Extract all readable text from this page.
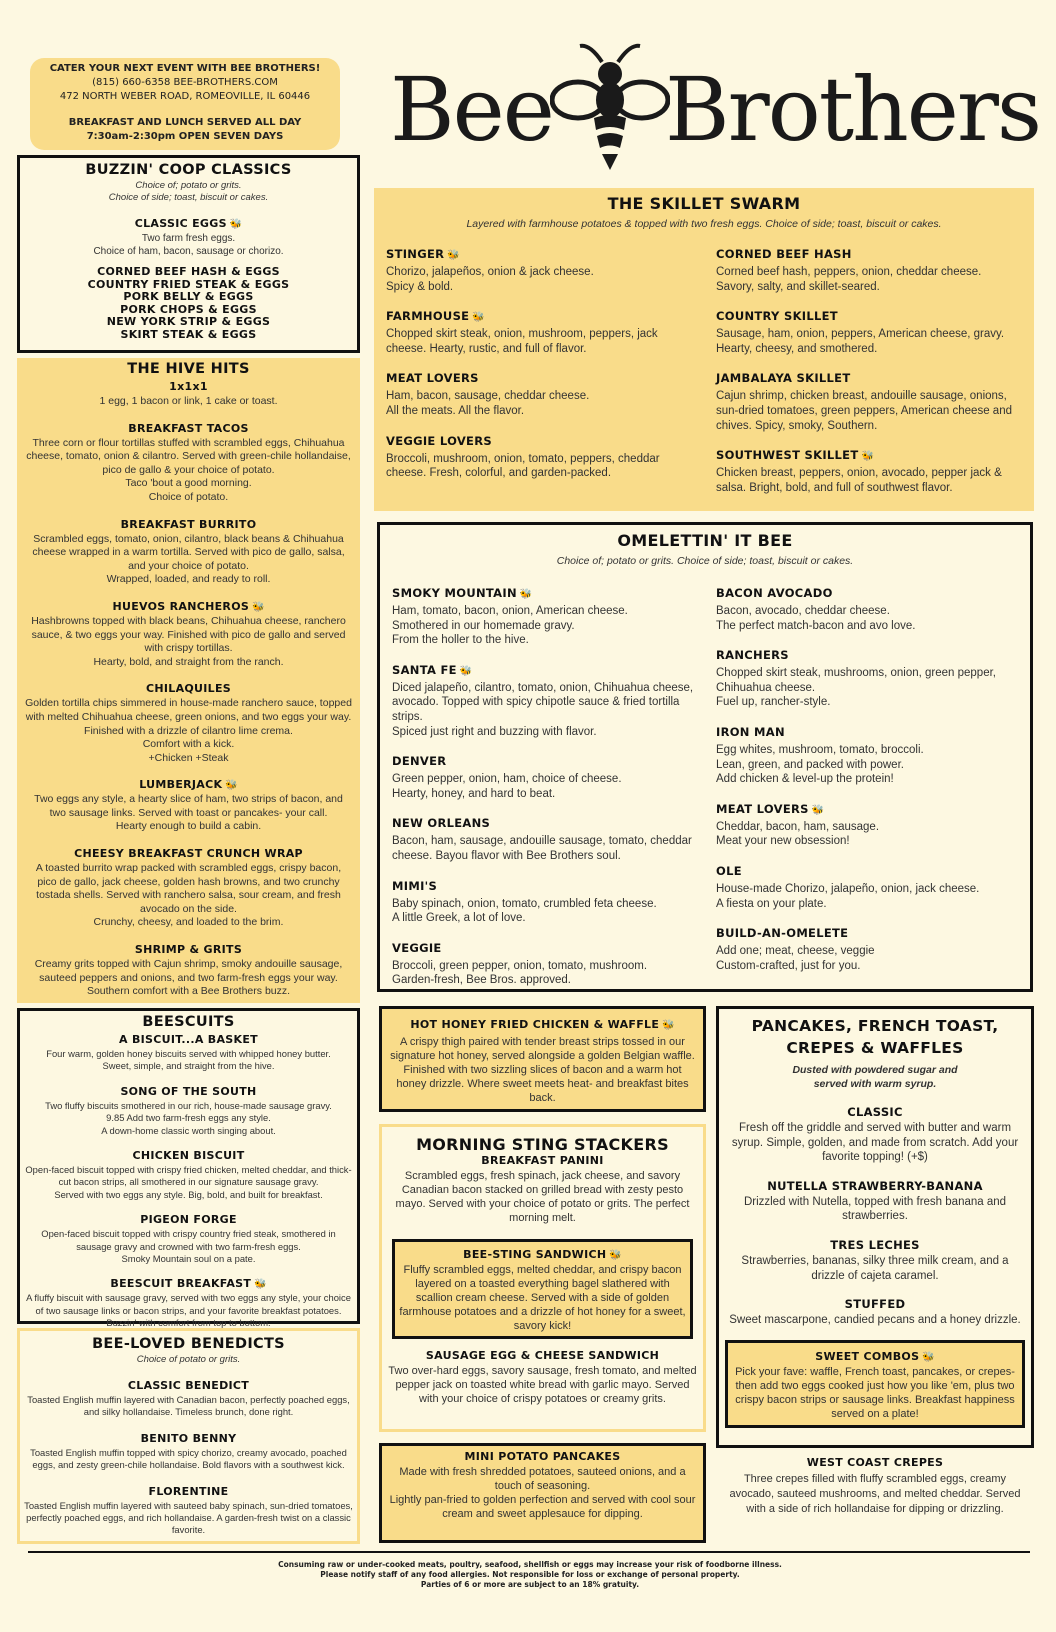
CATER YOUR NEXT EVENT WITH BEE BROTHERS!
(815) 660-6358 BEE-BROTHERS.COM
472 NORTH WEBER ROAD, ROMEOVILLE, IL 60446
BREAKFAST AND LUNCH SERVED ALL DAY
7:30am-2:30pm OPEN SEVEN DAYS	Bee Brothers
BUZZIN' COOP CLASSICS
Choice of; potato or grits.
Choice of side; toast, biscuit or cakes.
CLASSIC EGGS 🐝
Two farm fresh eggs.
Choice of ham, bacon, sausage or chorizo.
CORNED BEEF HASH & EGGS
COUNTRY FRIED STEAK & EGGS
PORK BELLY & EGGS
PORK CHOPS & EGGS
NEW YORK STRIP & EGGS
SKIRT STEAK & EGGS
THE HIVE HITS
1x1x1
1 egg, 1 bacon or link, 1 cake or toast.
BREAKFAST TACOS
Three corn or flour tortillas stuffed with scrambled eggs, Chihuahua cheese, tomato, onion & cilantro. Served with green-chile hollandaise, pico de gallo & your choice of potato.
Taco 'bout a good morning.
Choice of potato.
BREAKFAST BURRITO
Scrambled eggs, tomato, onion, cilantro, black beans & Chihuahua cheese wrapped in a warm tortilla. Served with pico de gallo, salsa, and your choice of potato.
Wrapped, loaded, and ready to roll.
HUEVOS RANCHEROS 🐝
Hashbrowns topped with black beans, Chihuahua cheese, ranchero sauce, & two eggs your way. Finished with pico de gallo and served with crispy tortillas.
Hearty, bold, and straight from the ranch.
CHILAQUILES
Golden tortilla chips simmered in house-made ranchero sauce, topped with melted Chihuahua cheese, green onions, and two eggs your way. Finished with a drizzle of cilantro lime crema.
Comfort with a kick.
+Chicken +Steak
LUMBERJACK 🐝
Two eggs any style, a hearty slice of ham, two strips of bacon, and two sausage links. Served with toast or pancakes- your call.
Hearty enough to build a cabin.
CHEESY BREAKFAST CRUNCH WRAP
A toasted burrito wrap packed with scrambled eggs, crispy bacon, pico de gallo, jack cheese, golden hash browns, and two crunchy tostada shells. Served with ranchero salsa, sour cream, and fresh avocado on the side.
Crunchy, cheesy, and loaded to the brim.
SHRIMP & GRITS
Creamy grits topped with Cajun shrimp, smoky andouille sausage, sauteed peppers and onions, and two farm-fresh eggs your way. Southern comfort with a Bee Brothers buzz.
BEESCUITS
A BISCUIT...A BASKET
Four warm, golden honey biscuits served with whipped honey butter.
Sweet, simple, and straight from the hive.
SONG OF THE SOUTH
Two fluffy biscuits smothered in our rich, house-made sausage gravy.
9.85 Add two farm-fresh eggs any style.
A down-home classic worth singing about.
CHICKEN BISCUIT
Open-faced biscuit topped with crispy fried chicken, melted cheddar, and thick-cut bacon strips, all smothered in our signature sausage gravy.
Served with two eggs any style. Big, bold, and built for breakfast.
PIGEON FORGE
Open-faced biscuit topped with crispy country fried steak, smothered in sausage gravy and crowned with two farm-fresh eggs.
Smoky Mountain soul on a pate.
BEESCUIT BREAKFAST 🐝
A fluffy biscuit with sausage gravy, served with two eggs any style, your choice of two sausage links or bacon strips, and your favorite breakfast potatoes. Buzzin' with comfort from top to bottom.
BEE-LOVED BENEDICTS
Choice of potato or grits.
CLASSIC BENEDICT
Toasted English muffin layered with Canadian bacon, perfectly poached eggs, and silky hollandaise. Timeless brunch, done right.
BENITO BENNY
Toasted English muffin topped with spicy chorizo, creamy avocado, poached eggs, and zesty green-chile hollandaise. Bold flavors with a southwest kick.
FLORENTINE
Toasted English muffin layered with sauteed baby spinach, sun-dried tomatoes, perfectly poached eggs, and rich hollandaise. A garden-fresh twist on a classic favorite.
THE SKILLET SWARM
Layered with farmhouse potatoes & topped with two fresh eggs. Choice of side; toast, biscuit or cakes.
STINGER 🐝
Chorizo, jalapeños, onion & jack cheese.
Spicy & bold.
FARMHOUSE 🐝
Chopped skirt steak, onion, mushroom, peppers, jack cheese. Hearty, rustic, and full of flavor.
MEAT LOVERS
Ham, bacon, sausage, cheddar cheese.
All the meats. All the flavor.
VEGGIE LOVERS
Broccoli, mushroom, onion, tomato, peppers, cheddar cheese. Fresh, colorful, and garden-packed.
CORNED BEEF HASH
Corned beef hash, peppers, onion, cheddar cheese.
Savory, salty, and skillet-seared.
COUNTRY SKILLET
Sausage, ham, onion, peppers, American cheese, gravy.
Hearty, cheesy, and smothered.
JAMBALAYA SKILLET
Cajun shrimp, chicken breast, andouille sausage, onions, sun-dried tomatoes, green peppers, American cheese and chives. Spicy, smoky, Southern.
SOUTHWEST SKILLET 🐝
Chicken breast, peppers, onion, avocado, pepper jack & salsa. Bright, bold, and full of southwest flavor.
OMELETTIN' IT BEE
Choice of; potato or grits. Choice of side; toast, biscuit or cakes.
SMOKY MOUNTAIN 🐝
Ham, tomato, bacon, onion, American cheese.
Smothered in our homemade gravy.
From the holler to the hive.
SANTA FE 🐝
Diced jalapeño, cilantro, tomato, onion, Chihuahua cheese, avocado. Topped with spicy chipotle sauce & fried tortilla strips.
Spiced just right and buzzing with flavor.
DENVER
Green pepper, onion, ham, choice of cheese.
Hearty, honey, and hard to beat.
NEW ORLEANS
Bacon, ham, sausage, andouille sausage, tomato, cheddar cheese. Bayou flavor with Bee Brothers soul.
MIMI'S
Baby spinach, onion, tomato, crumbled feta cheese.
A little Greek, a lot of love.
VEGGIE
Broccoli, green pepper, onion, tomato, mushroom.
Garden-fresh, Bee Bros. approved.
BACON AVOCADO
Bacon, avocado, cheddar cheese.
The perfect match-bacon and avo love.
RANCHERS
Chopped skirt steak, mushrooms, onion, green pepper, Chihuahua cheese.
Fuel up, rancher-style.
IRON MAN
Egg whites, mushroom, tomato, broccoli.
Lean, green, and packed with power.
Add chicken & level-up the protein!
MEAT LOVERS 🐝
Cheddar, bacon, ham, sausage.
Meat your new obsession!
OLE
House-made Chorizo, jalapeño, onion, jack cheese.
A fiesta on your plate.
BUILD-AN-OMELETE
Add one; meat, cheese, veggie
Custom-crafted, just for you.
HOT HONEY FRIED CHICKEN & WAFFLE 🐝
A crispy thigh paired with tender breast strips tossed in our signature hot honey, served alongside a golden Belgian waffle. Finished with two sizzling slices of bacon and a warm hot honey drizzle. Where sweet meets heat- and breakfast bites back.
MORNING STING STACKERS
BREAKFAST PANINI
Scrambled eggs, fresh spinach, jack cheese, and savory Canadian bacon stacked on grilled bread with zesty pesto mayo. Served with your choice of potato or grits. The perfect morning melt.
BEE-STING SANDWICH 🐝
Fluffy scrambled eggs, melted cheddar, and crispy bacon layered on a toasted everything bagel slathered with scallion cream cheese. Served with a side of golden farmhouse potatoes and a drizzle of hot honey for a sweet, savory kick!
SAUSAGE EGG & CHEESE SANDWICH
Two over-hard eggs, savory sausage, fresh tomato, and melted pepper jack on toasted white bread with garlic mayo. Served with your choice of crispy potatoes or creamy grits.
MINI POTATO PANCAKES
Made with fresh shredded potatoes, sauteed onions, and a touch of seasoning.
Lightly pan-fried to golden perfection and served with cool sour cream and sweet applesauce for dipping.
PANCAKES, FRENCH TOAST,
CREPES & WAFFLES
Dusted with powdered sugar and
served with warm syrup.
CLASSIC
Fresh off the griddle and served with butter and warm syrup. Simple, golden, and made from scratch. Add your favorite topping! (+$)
NUTELLA STRAWBERRY-BANANA
Drizzled with Nutella, topped with fresh banana and strawberries.
TRES LECHES
Strawberries, bananas, silky three milk cream, and a drizzle of cajeta caramel.
STUFFED
Sweet mascarpone, candied pecans and a honey drizzle.
SWEET COMBOS 🐝
Pick your fave: waffle, French toast, pancakes, or crepes- then add two eggs cooked just how you like 'em, plus two crispy bacon strips or sausage links. Breakfast happiness served on a plate!
WEST COAST CREPES
Three crepes filled with fluffy scrambled eggs, creamy avocado, sauteed mushrooms, and melted cheddar. Served with a side of rich hollandaise for dipping or drizzling.
Consuming raw or under-cooked meats, poultry, seafood, shellfish or eggs may increase your risk of foodborne illness.
Please notify staff of any food allergies. Not responsible for loss or exchange of personal property.
Parties of 6 or more are subject to an 18% gratuity.
